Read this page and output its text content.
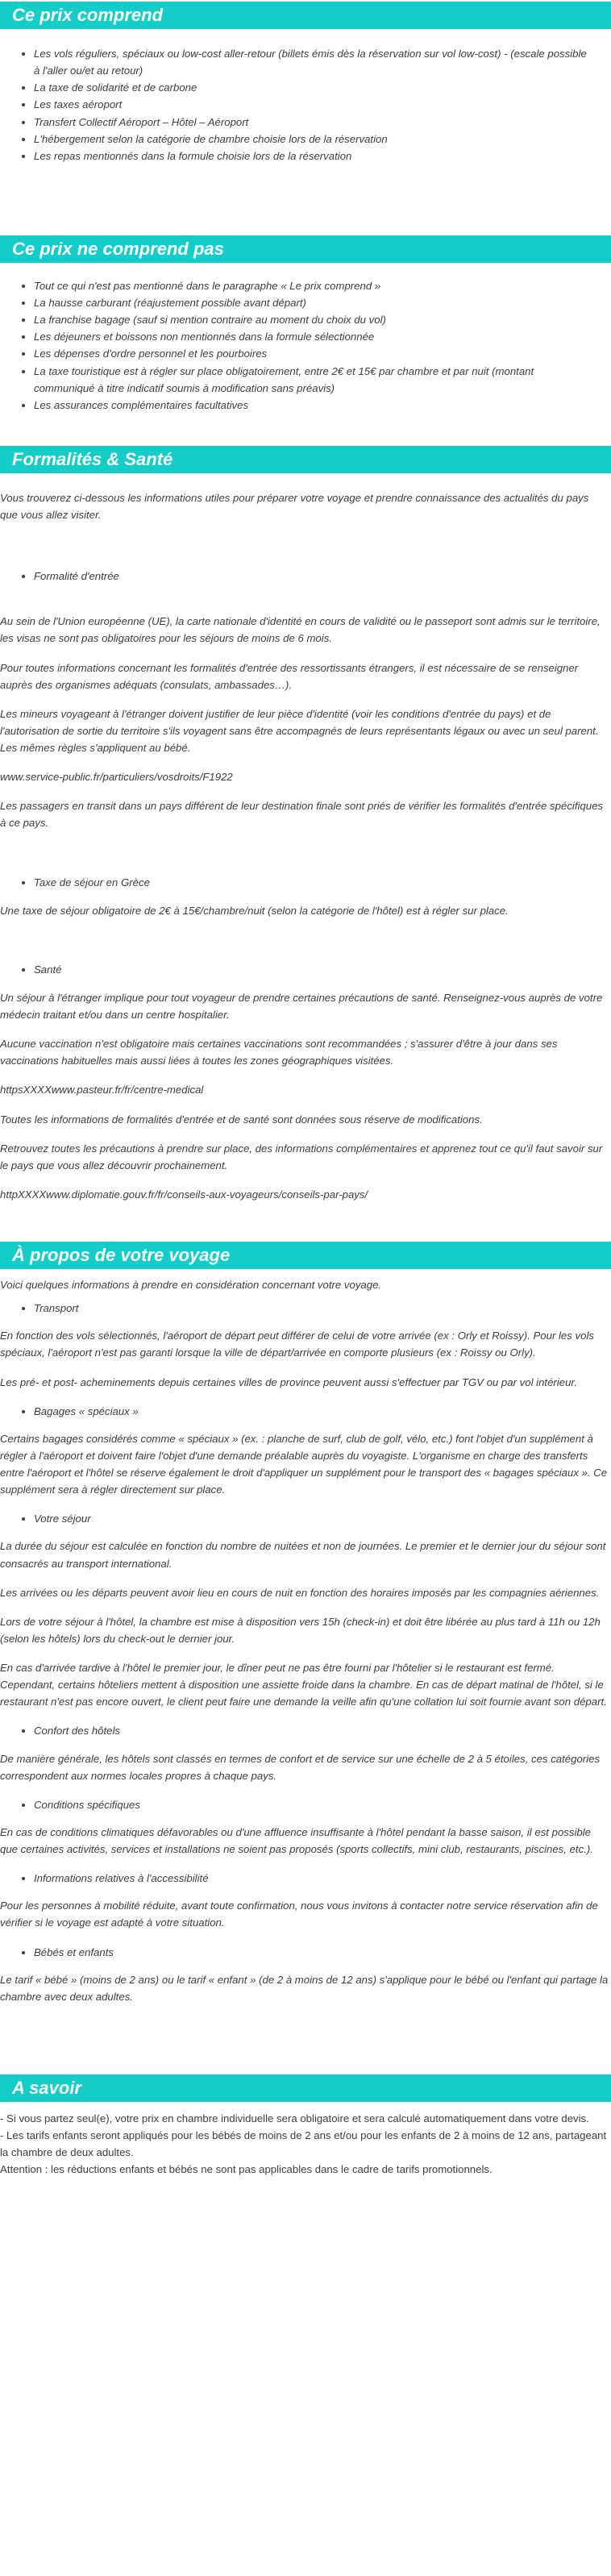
Ce prix comprend
• Les vols réguliers, spéciaux ou low-cost aller-retour (billets émis dès la réservation sur vol low-cost) - (escale possible à l'aller ou/et au retour)
• La taxe de solidarité et de carbone
• Les taxes aéroport
• Transfert Collectif Aéroport – Hôtel – Aéroport
• L'hébergement selon la catégorie de chambre choisie lors de la réservation
• Les repas mentionnés dans la formule choisie lors de la réservation
Ce prix ne comprend pas
• Tout ce qui n'est pas mentionné dans le paragraphe « Le prix comprend »
• La hausse carburant (réajustement possible avant départ)
• La franchise bagage (sauf si mention contraire au moment du choix du vol)
• Les déjeuners et boissons non mentionnés dans la formule sélectionnée
• Les dépenses d'ordre personnel et les pourboires
• La taxe touristique est à régler sur place obligatoirement, entre 2€ et 15€ par chambre et par nuit (montant communiqué à titre indicatif soumis à modification sans préavis)
• Les assurances complémentaires facultatives
Formalités & Santé

Vous trouverez ci-dessous les informations utiles pour préparer votre voyage et prendre connaissance des actualités du pays que vous allez visiter.

• Formalité d'entrée

Au sein de l'Union européenne (UE), la carte nationale d'identité en cours de validité ou le passeport sont admis sur le territoire, les visas ne sont pas obligatoires pour les séjours de moins de 6 mois.

Pour toutes informations concernant les formalités d'entrée des ressortissants étrangers, il est nécessaire de se renseigner auprès des organismes adéquats (consulats, ambassades…).

Les mineurs voyageant à l'étranger doivent justifier de leur pièce d'identité (voir les conditions d'entrée du pays) et de l'autorisation de sortie du territoire s'ils voyagent sans être accompagnés de leurs représentants légaux ou avec un seul parent. Les mêmes règles s'appliquent au bébé.

www.service-public.fr/particuliers/vosdroits/F1922

Les passagers en transit dans un pays différent de leur destination finale sont priés de vérifier les formalités d'entrée spécifiques à ce pays.

• Taxe de séjour en Grèce

Une taxe de séjour obligatoire de 2€ à 15€/chambre/nuit (selon la catégorie de l'hôtel) est à régler sur place.

• Santé

Un séjour à l'étranger implique pour tout voyageur de prendre certaines précautions de santé. Renseignez-vous auprès de votre médecin traitant et/ou dans un centre hospitalier.

Aucune vaccination n'est obligatoire mais certaines vaccinations sont recommandées ; s'assurer d'être à jour dans ses vaccinations habituelles mais aussi liées à toutes les zones géographiques visitées.

httpsXXXXwww.pasteur.fr/fr/centre-medical

Toutes les informations de formalités d'entrée et de santé sont données sous réserve de modifications.

Retrouvez toutes les précautions à prendre sur place, des informations complémentaires et apprenez tout ce qu'il faut savoir sur le pays que vous allez découvrir prochainement.

httpXXXXwww.diplomatie.gouv.fr/fr/conseils-aux-voyageurs/conseils-par-pays/

À propos de votre voyage

Voici quelques informations à prendre en considération concernant votre voyage.

• Transport

En fonction des vols sélectionnés, l'aéroport de départ peut différer de celui de votre arrivée (ex : Orly et Roissy). Pour les vols spéciaux, l'aéroport n'est pas garanti lorsque la ville de départ/arrivée en comporte plusieurs (ex : Roissy ou Orly).

Les pré- et post- acheminements depuis certaines villes de province peuvent aussi s'effectuer par TGV ou par vol intérieur.

• Bagages « spéciaux »

Certains bagages considérés comme « spéciaux » (ex. : planche de surf, club de golf, vélo, etc.) font l'objet d'un supplément à régler à l'aéroport et doivent faire l'objet d'une demande préalable auprès du voyagiste. L'organisme en charge des transferts entre l'aéroport et l'hôtel se réserve également le droit d'appliquer un supplément pour le transport des « bagages spéciaux ». Ce supplément sera à régler directement sur place.

• Votre séjour

La durée du séjour est calculée en fonction du nombre de nuitées et non de journées. Le premier et le dernier jour du séjour sont consacrés au transport international.

Les arrivées ou les départs peuvent avoir lieu en cours de nuit en fonction des horaires imposés par les compagnies aériennes.

Lors de votre séjour à l'hôtel, la chambre est mise à disposition vers 15h (check-in) et doit être libérée au plus tard à 11h ou 12h (selon les hôtels) lors du check-out le dernier jour.

En cas d'arrivée tardive à l'hôtel le premier jour, le dîner peut ne pas être fourni par l'hôtelier si le restaurant est fermé. Cependant, certains hôteliers mettent à disposition une assiette froide dans la chambre. En cas de départ matinal de l'hôtel, si le restaurant n'est pas encore ouvert, le client peut faire une demande la veille afin qu'une collation lui soit fournie avant son départ.

• Confort des hôtels

De manière générale, les hôtels sont classés en termes de confort et de service sur une échelle de 2 à 5 étoiles, ces catégories correspondent aux normes locales propres à chaque pays.

• Conditions spécifiques

En cas de conditions climatiques défavorables ou d'une affluence insuffisante à l'hôtel pendant la basse saison, il est possible que certaines activités, services et installations ne soient pas proposés (sports collectifs, mini club, restaurants, piscines, etc.).

• Informations relatives à l'accessibilité

Pour les personnes à mobilité réduite, avant toute confirmation, nous vous invitons à contacter notre service réservation afin de vérifier si le voyage est adapté à votre situation.

• Bébés et enfants

Le tarif « bébé » (moins de 2 ans) ou le tarif « enfant » (de 2 à moins de 12 ans) s'applique pour le bébé ou l'enfant qui partage la chambre avec deux adultes.

A savoir
- Si vous partez seul(e), votre prix en chambre individuelle sera obligatoire et sera calculé automatiquement dans votre devis.
- Les tarifs enfants seront appliqués pour les bébés de moins de 2 ans et/ou pour les enfants de 2 à moins de 12 ans, partageant la chambre de deux adultes.
Attention : les réductions enfants et bébés ne sont pas applicables dans le cadre de tarifs promotionnels.
